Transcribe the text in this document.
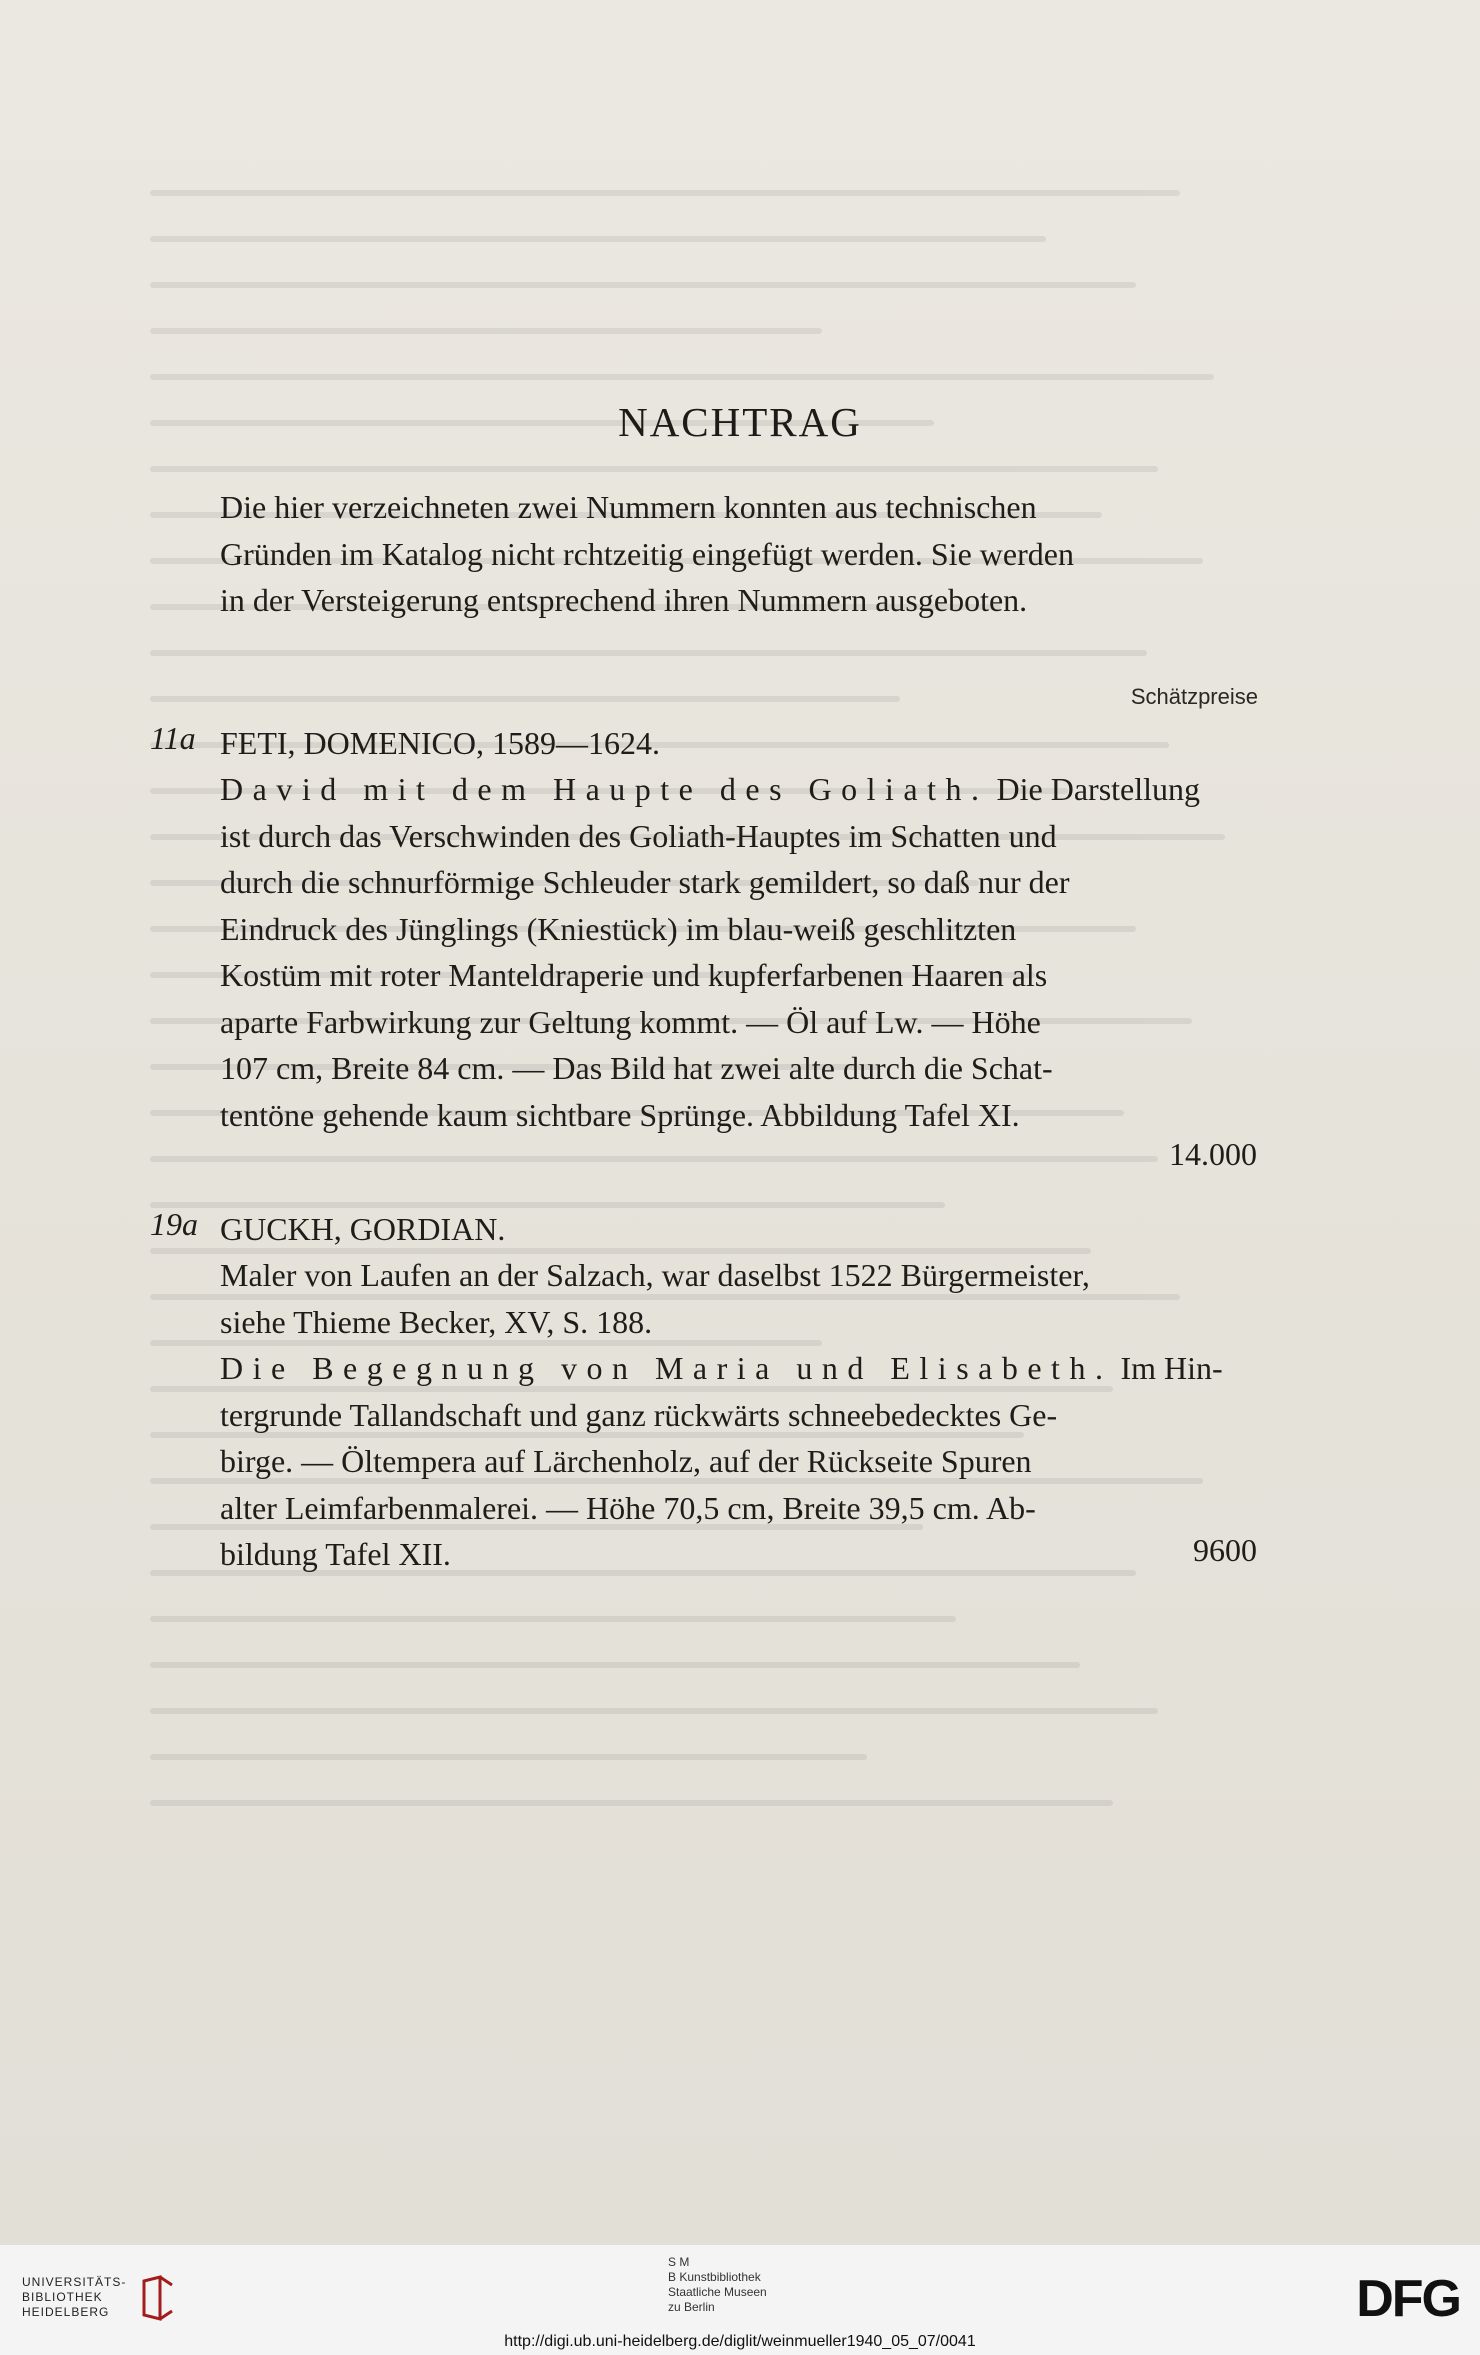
NACHTRAG
Die hier verzeichneten zwei Nummern konnten aus technischen
Gründen im Katalog nicht rchtzeitig eingefügt werden. Sie werden
in der Versteigerung entsprechend ihren Nummern ausgeboten.
Schätzpreise
11a FETI, DOMENICO, 1589—1624.
David mit dem Haupte des Goliath. Die Darstellung
ist durch das Verschwinden des Goliath-Hauptes im Schatten und
durch die schnurförmige Schleuder stark gemildert, so daß nur der
Eindruck des Jünglings (Kniestück) im blau-weiß geschlitzten
Kostüm mit roter Manteldraperie und kupferfarbenen Haaren als
aparte Farbwirkung zur Geltung kommt. — Öl auf Lw. — Höhe
107 cm, Breite 84 cm. — Das Bild hat zwei alte durch die Schat-
tentöne gehende kaum sichtbare Sprünge. Abbildung Tafel XI.
14.000
19a GUCKH, GORDIAN.
Maler von Laufen an der Salzach, war daselbst 1522 Bürgermeister,
siehe Thieme Becker, XV, S. 188.
Die Begegnung von Maria und Elisabeth. Im Hin-
tergrunde Tallandschaft und ganz rückwärts schneebedecktes Ge-
birge. — Öltempera auf Lärchenholz, auf der Rückseite Spuren
alter Leimfarbenmalerei. — Höhe 70,5 cm, Breite 39,5 cm. Ab-
bildung Tafel XII.	9600
UNIVERSITÄTS-
BIBLIOTHEK
HEIDELBERG
S M
B Kunstbibliothek
Staatliche Museen
zu Berlin	DFG
http://digi.ub.uni-heidelberg.de/diglit/weinmueller1940_05_07/0041
